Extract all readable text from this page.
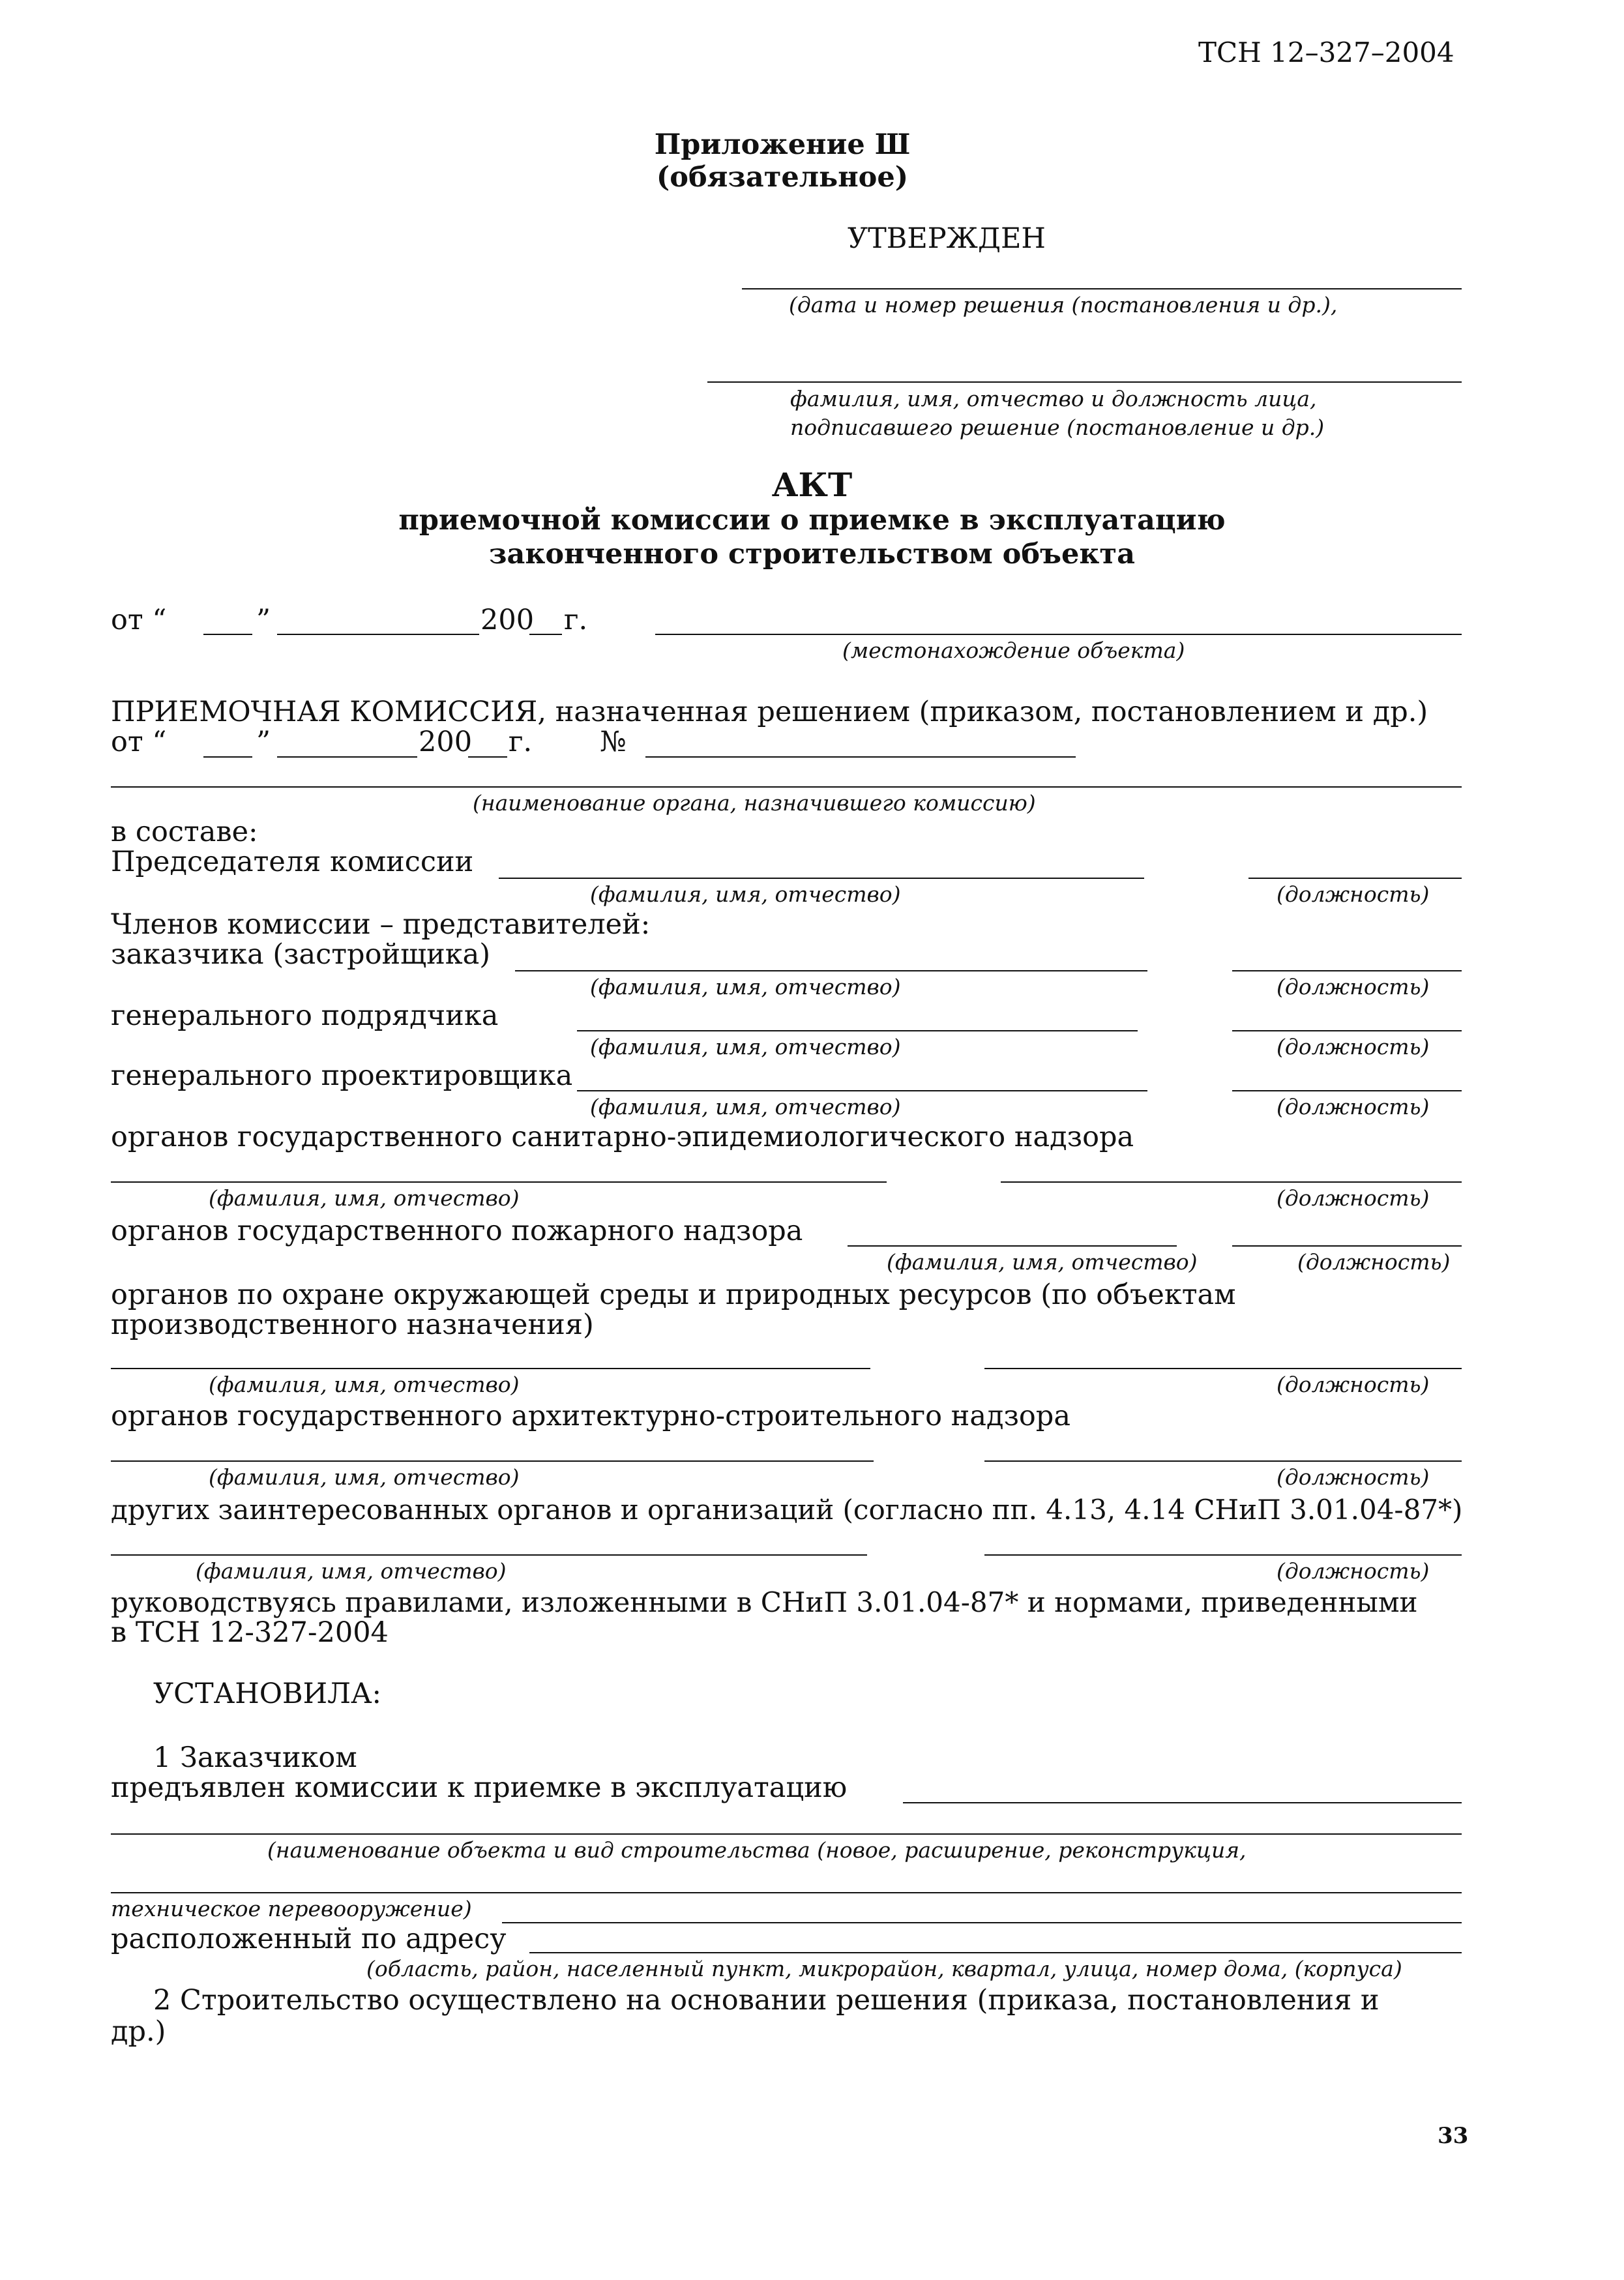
ТСН 12–327–2004
Приложение Ш
(обязательное)
УТВЕРЖДЕН
(дата и номер решения (постановления и др.),
фамилия, имя, отчество и должность лица,
подписавшего решение (постановление и др.)
АКТ
приемочной комиссии о приемке в эксплуатацию
законченного строительством объекта
от “	”	200 г.
(местонахождение объекта)
ПРИЕМОЧНАЯ КОМИССИЯ, назначенная решением (приказом, постановлением и др.)
от “	”	200 г. №
(наименование органа, назначившего комиссию)
в составе:
Председателя комиссии
(фамилия, имя, отчество)	(должность)
Членов комиссии – представителей:
заказчика (застройщика)
(фамилия, имя, отчество)	(должность)
генерального подрядчика
(фамилия, имя, отчество)	(должность)
генерального проектировщика
(фамилия, имя, отчество)	(должность)
органов государственного санитарно-эпидемиологического надзора
(фамилия, имя, отчество)	(должность)
органов государственного пожарного надзора
(фамилия, имя, отчество)	(должность)
органов по охране окружающей среды и природных ресурсов (по объектам
производственного назначения)
(фамилия, имя, отчество)	(должность)
органов государственного архитектурно-строительного надзора
(фамилия, имя, отчество)	(должность)
других заинтересованных органов и организаций (согласно пп. 4.13, 4.14 СНиП 3.01.04-87*)
(фамилия, имя, отчество)	(должность)
руководствуясь правилами, изложенными в СНиП 3.01.04-87* и нормами, приведенными
в ТСН 12-327-2004
УСТАНОВИЛА:
1 Заказчиком
предъявлен комиссии к приемке в эксплуатацию
(наименование объекта и вид строительства (новое, расширение, реконструкция,
техническое перевооружение)
расположенный по адресу
(область, район, населенный пункт, микрорайон, квартал, улица, номер дома, (корпуса)
2 Строительство осуществлено на основании решения (приказа, постановления и
др.)
33
